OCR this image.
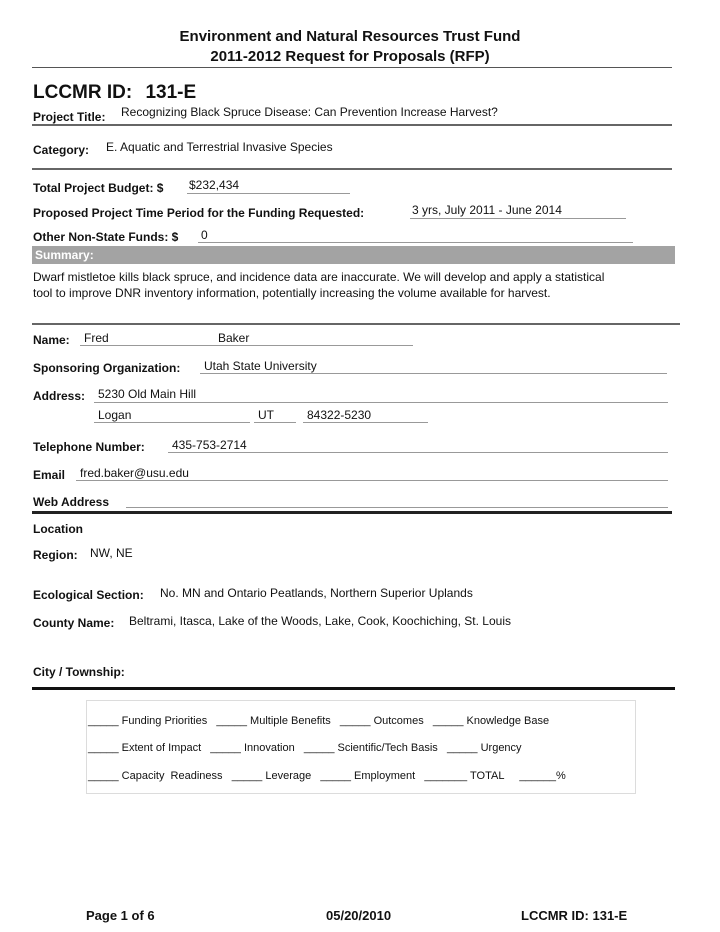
Environment and Natural Resources Trust Fund
2011-2012 Request for Proposals (RFP)
LCCMR ID: 131-E
Project Title: Recognizing Black Spruce Disease: Can Prevention Increase Harvest?
Category: E. Aquatic and Terrestrial Invasive Species
Total Project Budget: $ $232,434
Proposed Project Time Period for the Funding Requested:	3 yrs, July 2011 - June 2014
Other Non-State Funds: $ 0
Summary:
Dwarf mistletoe kills black spruce, and incidence data are inaccurate. We will develop and apply a statistical
tool to improve DNR inventory information, potentially increasing the volume available for harvest.
Name: Fred	Baker
Sponsoring Organization: Utah State University
Address: 5230 Old Main Hill
Logan	UT	84322-5230
Telephone Number: 435-753-2714
Email fred.baker@usu.edu
Web Address
Location
Region: NW, NE
Ecological Section: No. MN and Ontario Peatlands, Northern Superior Uplands
County Name: Beltrami, Itasca, Lake of the Woods, Lake, Cook, Koochiching, St. Louis
City / Township:
_____ Funding Priorities   _____ Multiple Benefits   _____ Outcomes   _____ Knowledge Base
_____ Extent of Impact   _____ Innovation   _____ Scientific/Tech Basis   _____ Urgency
_____ Capacity  Readiness   _____ Leverage   _____ Employment   _______ TOTAL     ______%
Page 1 of 6	05/20/2010	LCCMR ID: 131-E
